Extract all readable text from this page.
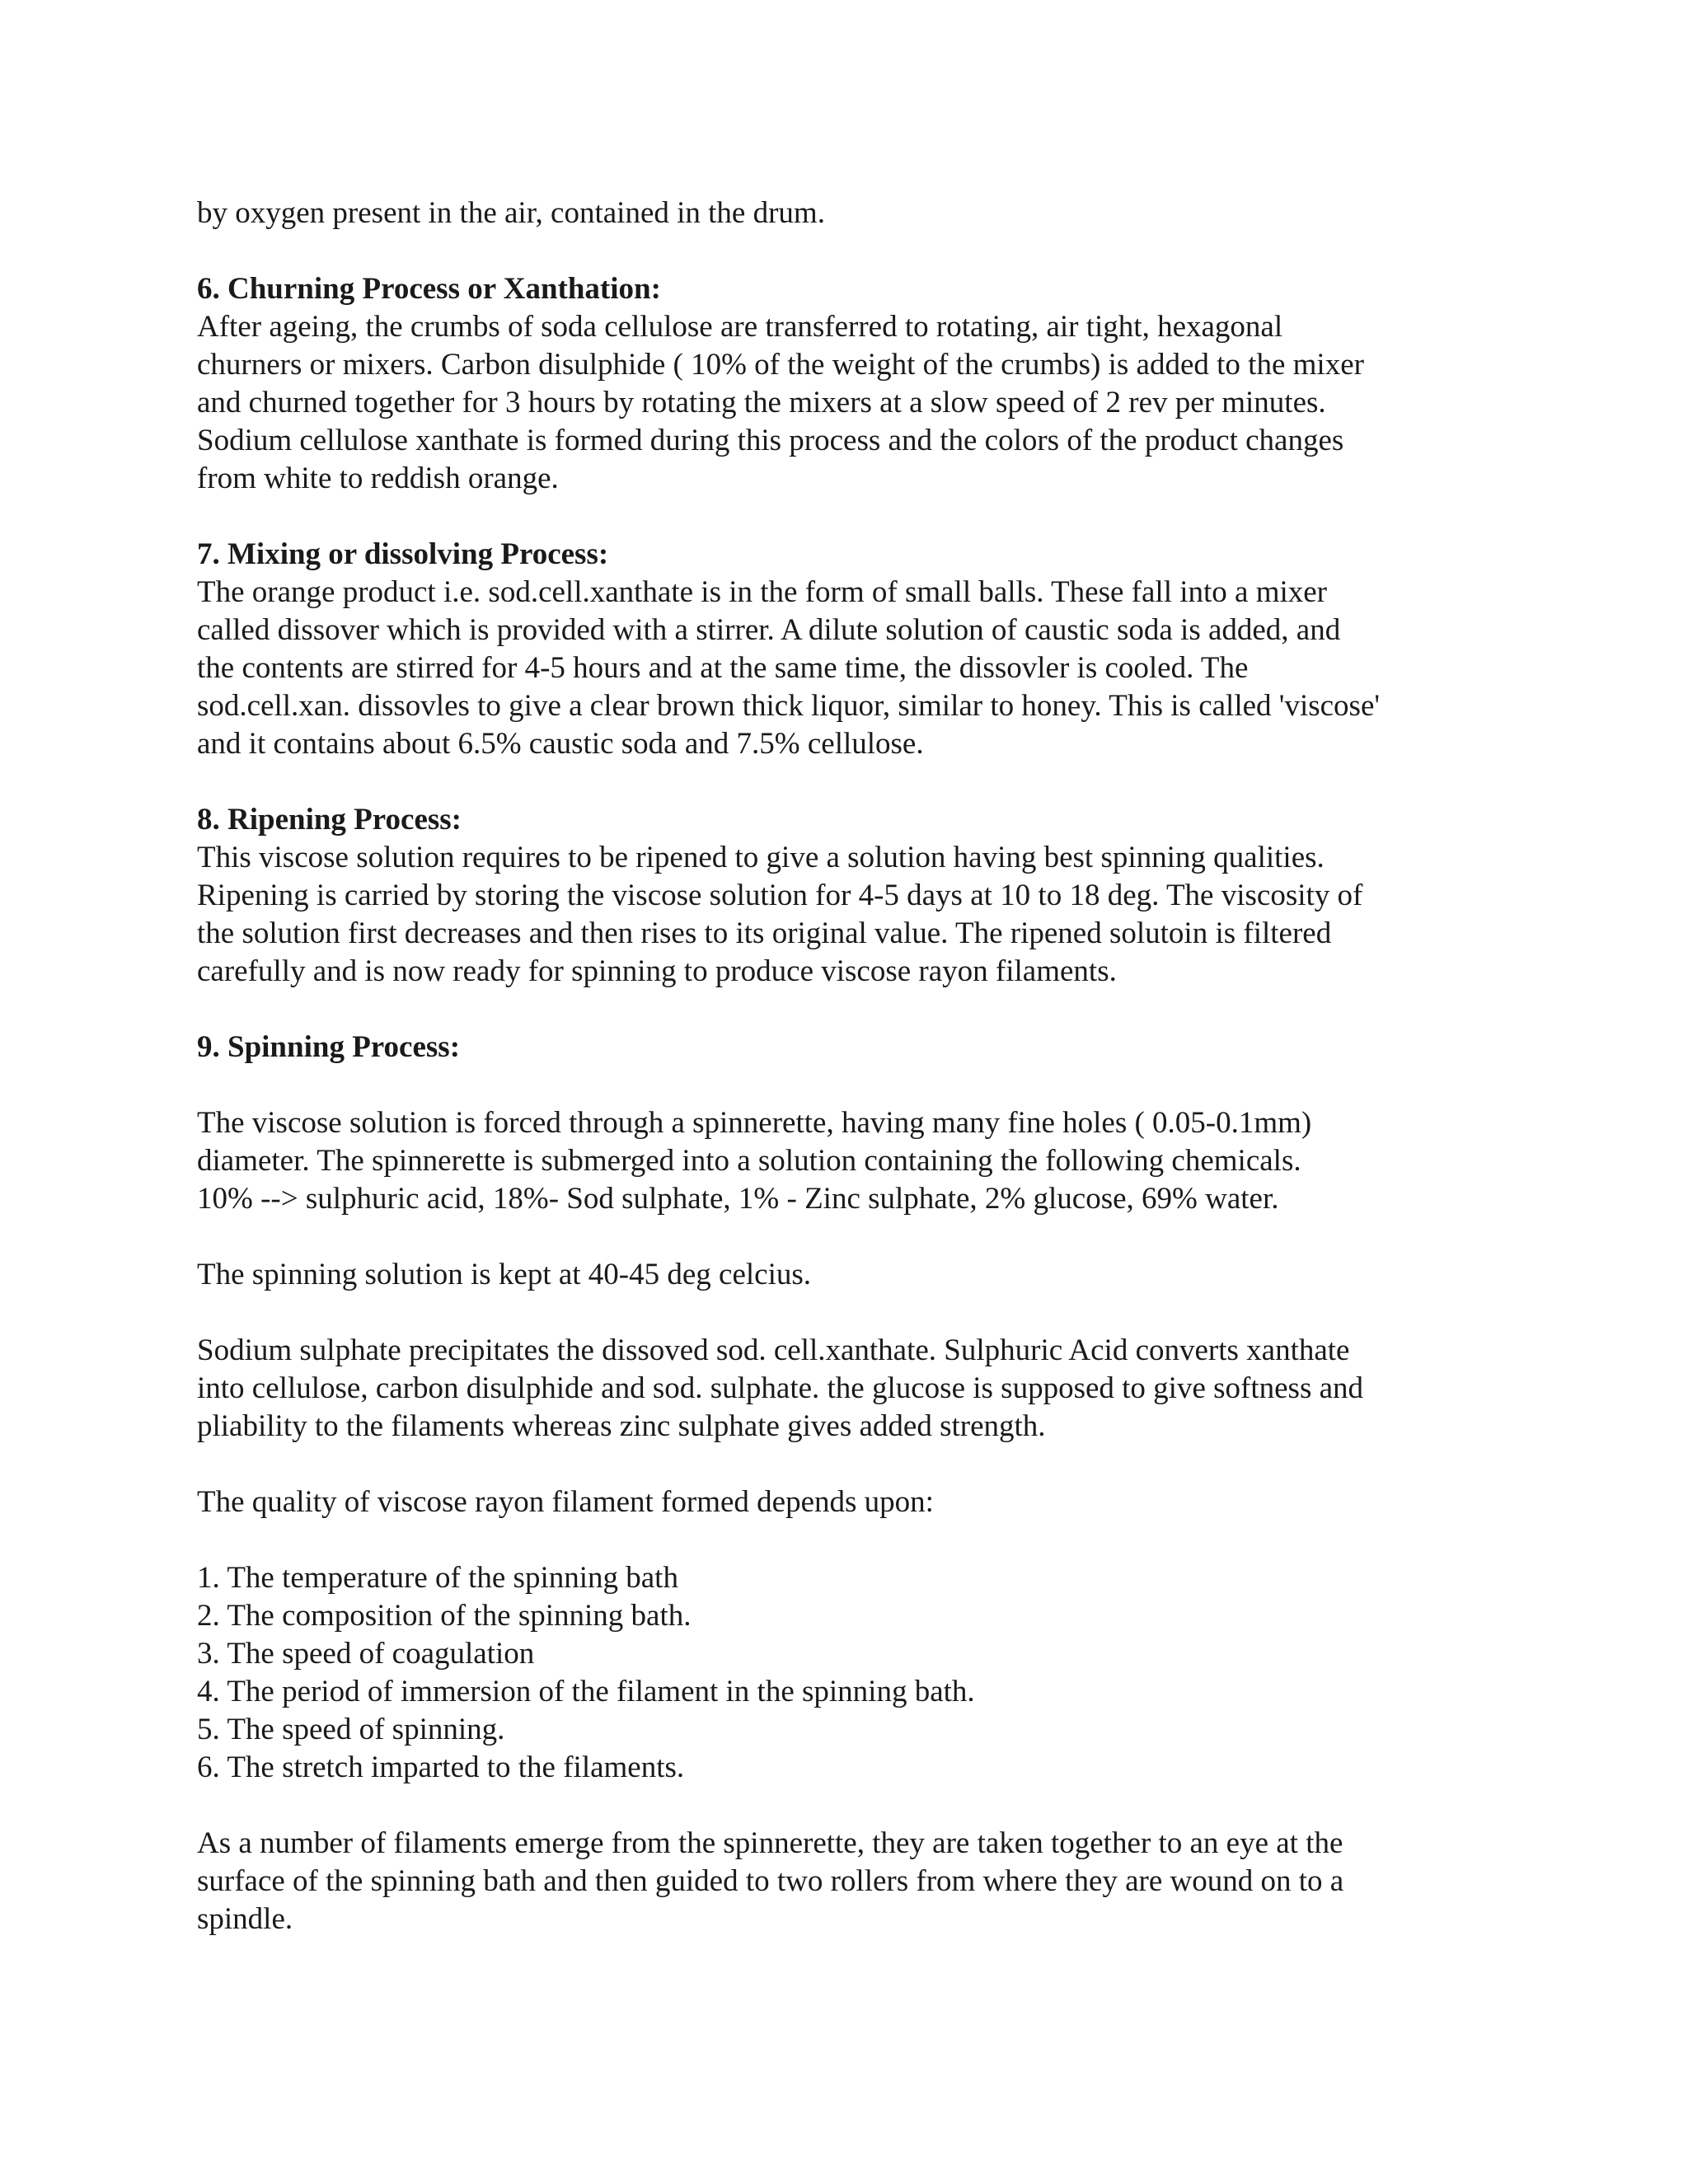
by oxygen present in the air, contained in the drum.
6. Churning Process or Xanthation:
After ageing, the crumbs of soda cellulose are transferred to rotating, air tight, hexagonal
churners or mixers. Carbon disulphide ( 10% of the weight of the crumbs) is added to the mixer
and churned together for 3 hours by rotating the mixers at a slow speed of 2 rev per minutes.
Sodium cellulose xanthate is formed during this process and the colors of the product changes
from white to reddish orange.
7. Mixing or dissolving Process:
The orange product i.e. sod.cell.xanthate is in the form of small balls. These fall into a mixer
called dissover which is provided with a stirrer. A dilute solution of caustic soda is added, and
the contents are stirred for 4-5 hours and at the same time, the dissovler is cooled. The
sod.cell.xan. dissovles to give a clear brown thick liquor, similar to honey. This is called 'viscose'
and it contains about 6.5% caustic soda and 7.5% cellulose.
8. Ripening Process:
This viscose solution requires to be ripened to give a solution having best spinning qualities.
Ripening is carried by storing the viscose solution for 4-5 days at 10 to 18 deg. The viscosity of
the solution first decreases and then rises to its original value. The ripened solutoin is filtered
carefully and is now ready for spinning to produce viscose rayon filaments.
9. Spinning Process:
The viscose solution is forced through a spinnerette, having many fine holes ( 0.05-0.1mm)
diameter. The spinnerette is submerged into a solution containing the following chemicals.
10% --> sulphuric acid, 18%- Sod sulphate, 1% - Zinc sulphate, 2% glucose, 69% water.
The spinning solution is kept at 40-45 deg celcius.
Sodium sulphate precipitates the dissoved sod. cell.xanthate. Sulphuric Acid converts xanthate
into cellulose, carbon disulphide and sod. sulphate. the glucose is supposed to give softness and
pliability to the filaments whereas zinc sulphate gives added strength.
The quality of viscose rayon filament formed depends upon:
1. The temperature of the spinning bath
2. The composition of the spinning bath.
3. The speed of coagulation
4. The period of immersion of the filament in the spinning bath.
5. The speed of spinning.
6. The stretch imparted to the filaments.
As a number of filaments emerge from the spinnerette, they are taken together to an eye at the
surface of the spinning bath and then guided to two rollers from where they are wound on to a
spindle.
